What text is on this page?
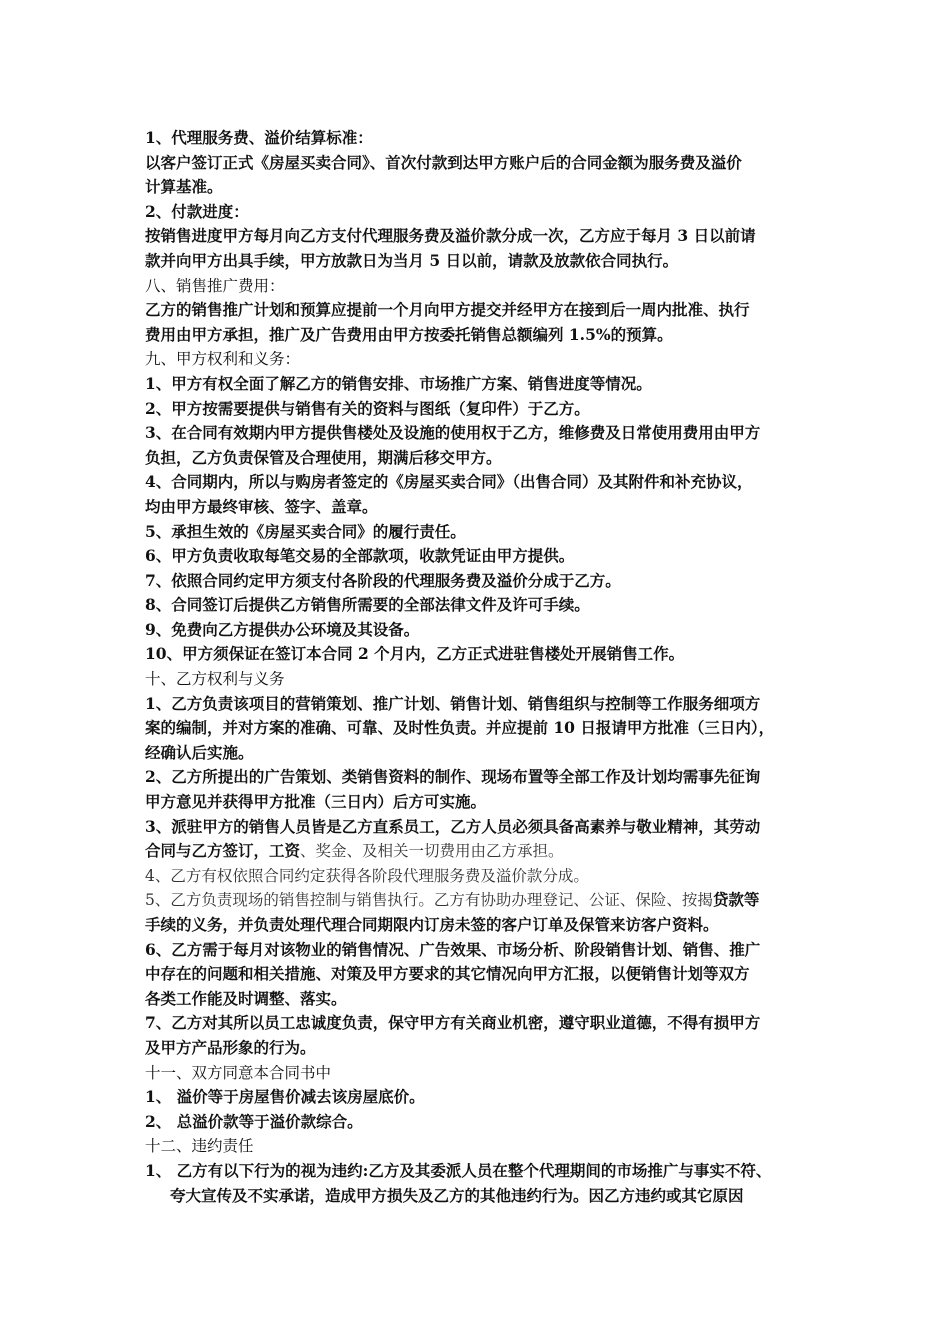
1、代理服务费、溢价结算标准：
以客户签订正式《房屋买卖合同》、首次付款到达甲方账户后的合同金额为服务费及溢价
计算基准。
2、付款进度：
按销售进度甲方每月向乙方支付代理服务费及溢价款分成一次，乙方应于每月 3 日以前请
款并向甲方出具手续，甲方放款日为当月 5 日以前，请款及放款依合同执行。
八、销售推广费用：
乙方的销售推广计划和预算应提前一个月向甲方提交并经甲方在接到后一周内批准、执行
费用由甲方承担，推广及广告费用由甲方按委托销售总额编列 1.5%的预算。
九、甲方权利和义务：
1、甲方有权全面了解乙方的销售安排、市场推广方案、销售进度等情况。
2、甲方按需要提供与销售有关的资料与图纸（复印件）于乙方。
3、在合同有效期内甲方提供售楼处及设施的使用权于乙方，维修费及日常使用费用由甲方
负担，乙方负责保管及合理使用，期满后移交甲方。
4、合同期内，所以与购房者签定的《房屋买卖合同》（出售合同）及其附件和补充协议，
均由甲方最终审核、签字、盖章。
5、承担生效的《房屋买卖合同》的履行责任。
6、甲方负责收取每笔交易的全部款项，收款凭证由甲方提供。
7、依照合同约定甲方须支付各阶段的代理服务费及溢价分成于乙方。
8、合同签订后提供乙方销售所需要的全部法律文件及许可手续。
9、免费向乙方提供办公环境及其设备。
10、甲方须保证在签订本合同 2 个月内，乙方正式进驻售楼处开展销售工作。
十、乙方权利与义务
1、乙方负责该项目的营销策划、推广计划、销售计划、销售组织与控制等工作服务细项方
案的编制，并对方案的准确、可靠、及时性负责。并应提前 10 日报请甲方批准（三日内），
经确认后实施。
2、乙方所提出的广告策划、类销售资料的制作、现场布置等全部工作及计划均需事先征询
甲方意见并获得甲方批准（三日内）后方可实施。
3、派驻甲方的销售人员皆是乙方直系员工，乙方人员必须具备高素养与敬业精神，其劳动
合同与乙方签订，工资、奖金、及相关一切费用由乙方承担。
4、乙方有权依照合同约定获得各阶段代理服务费及溢价款分成。
5、乙方负责现场的销售控制与销售执行。乙方有协助办理登记、公证、保险、按揭贷款等
手续的义务，并负责处理代理合同期限内订房未签的客户订单及保管来访客户资料。
6、乙方需于每月对该物业的销售情况、广告效果、市场分析、阶段销售计划、销售、推广
中存在的问题和相关措施、对策及甲方要求的其它情况向甲方汇报，以便销售计划等双方
各类工作能及时调整、落实。
7、乙方对其所以员工忠诚度负责，保守甲方有关商业机密，遵守职业道德，不得有损甲方
及甲方产品形象的行为。
十一、双方同意本合同书中
1、 溢价等于房屋售价减去该房屋底价。
2、 总溢价款等于溢价款综合。
十二、违约责任
1、 乙方有以下行为的视为违约:乙方及其委派人员在整个代理期间的市场推广与事实不符、
夸大宣传及不实承诺，造成甲方损失及乙方的其他违约行为。因乙方违约或其它原因
